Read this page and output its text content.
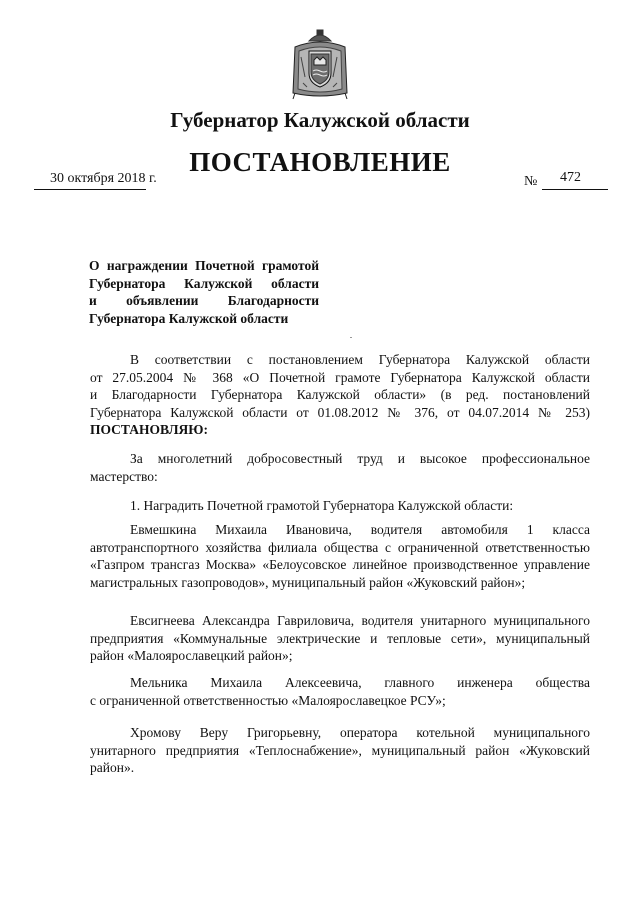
Губернатор Калужской области
ПОСТАНОВЛЕНИЕ
30 октября 2018 г.	№ 472
О награждении Почетной грамотой
Губернатора Калужской области
и объявлении Благодарности
Губернатора Калужской области
В соответствии с постановлением Губернатора Калужской области
от 27.05.2004 № 368 «О Почетной грамоте Губернатора Калужской области
и Благодарности Губернатора Калужской области» (в ред. постановлений
Губернатора Калужской области от 01.08.2012 № 376, от 04.07.2014 № 253)
ПОСТАНОВЛЯЮ:
За многолетний добросовестный труд и высокое профессиональное
мастерство:
1. Наградить Почетной грамотой Губернатора Калужской области:
Евмешкина Михаила Ивановича, водителя автомобиля 1 класса
автотранспортного хозяйства филиала общества с ограниченной ответственностью
«Газпром трансгаз Москва» «Белоусовское линейное производственное управление
магистральных газопроводов», муниципальный район «Жуковский район»;
Евсигнеева Александра Гавриловича, водителя унитарного муниципального
предприятия «Коммунальные электрические и тепловые сети», муниципальный
район «Малоярославецкий район»;
Мельника Михаила Алексеевича, главного инженера общества
с ограниченной ответственностью «Малоярославецкое РСУ»;
Хромову Веру Григорьевну, оператора котельной муниципального
унитарного предприятия «Теплоснабжение», муниципальный район «Жуковский
район».
